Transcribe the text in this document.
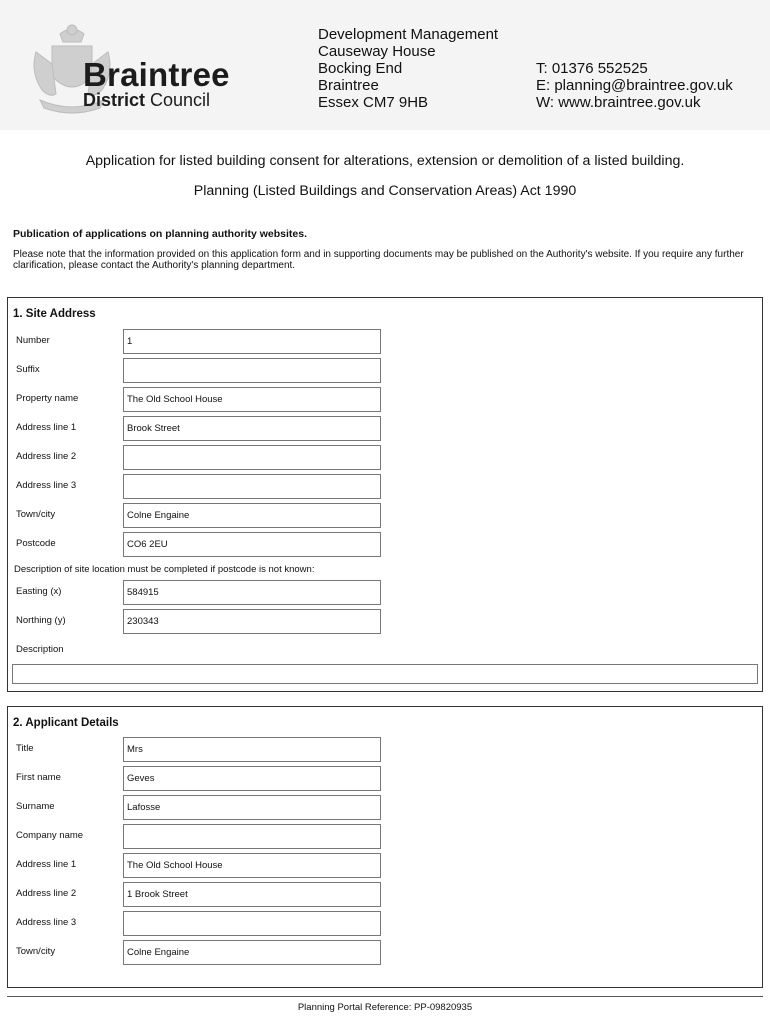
Braintree
District Council
Development Management
Causeway House
Bocking End
Braintree
Essex CM7 9HB
T: 01376 552525
E: planning@braintree.gov.uk
W: www.braintree.gov.uk
Application for listed building consent for alterations, extension or demolition of a listed building.
Planning (Listed Buildings and Conservation Areas) Act 1990
Publication of applications on planning authority websites.
Please note that the information provided on this application form and in supporting documents may be published on the Authority's website. If you require any further clarification, please contact the Authority's planning department.
1. Site Address
Number	1
Suffix
Property name	The Old School House
Address line 1	Brook Street
Address line 2
Address line 3
Town/city	Colne Engaine
Postcode	CO6 2EU
Description of site location must be completed if postcode is not known:
Easting (x)	584915
Northing (y)	230343
Description
2. Applicant Details
Title	Mrs
First name	Geves
Surname	Lafosse
Company name
Address line 1	The Old School House
Address line 2	1 Brook Street
Address line 3
Town/city	Colne Engaine
Planning Portal Reference: PP-09820935
